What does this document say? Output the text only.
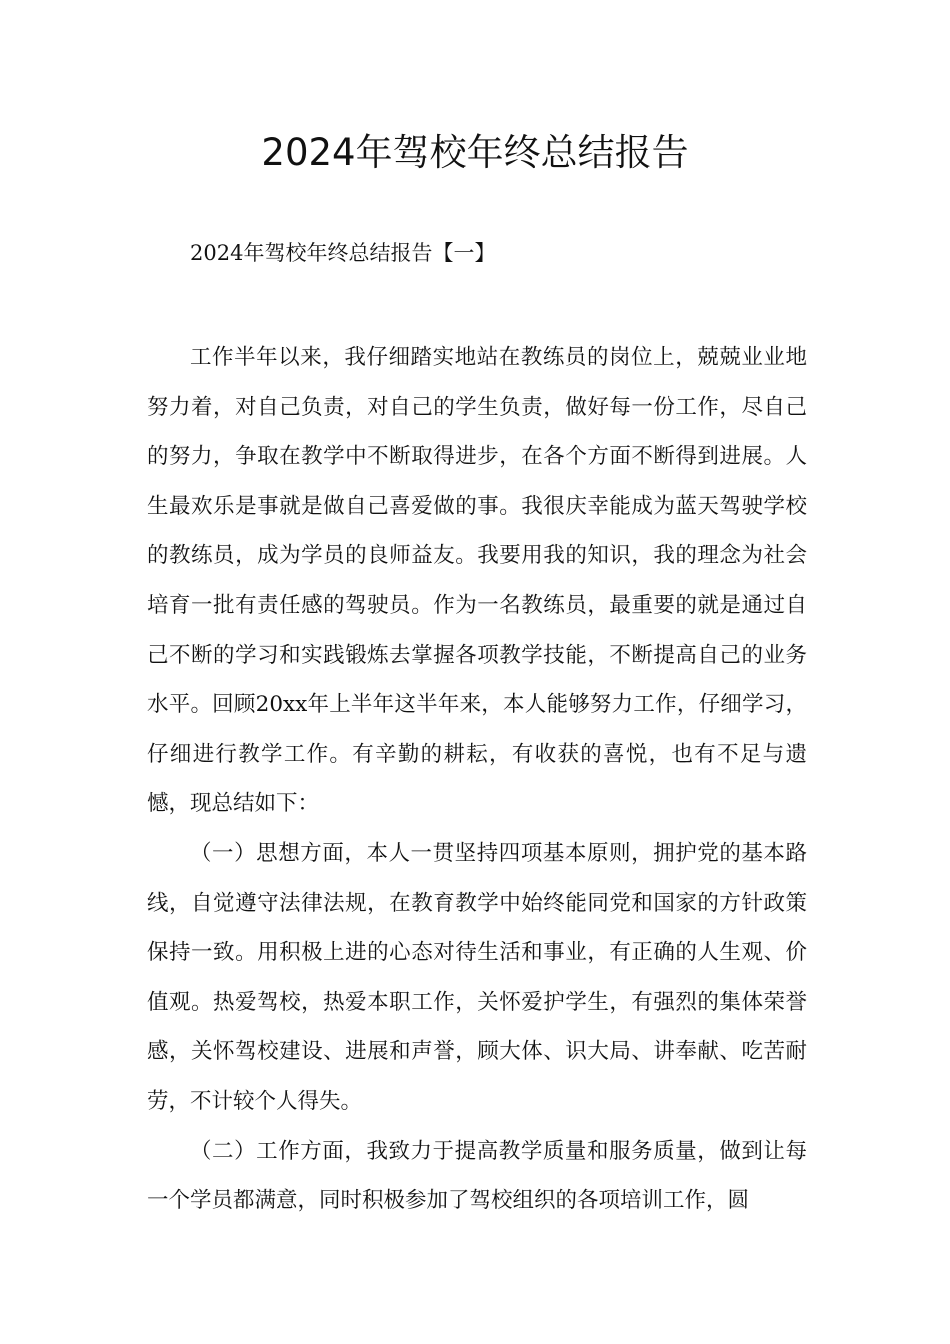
2024年驾校年终总结报告
2024年驾校年终总结报告【一】

工作半年以来，我仔细踏实地站在教练员的岗位上，兢兢业业地努力着，对自己负责，对自己的学生负责，做好每一份工作，尽自己的努力，争取在教学中不断取得进步，在各个方面不断得到进展。人生最欢乐是事就是做自己喜爱做的事。我很庆幸能成为蓝天驾驶学校的教练员，成为学员的良师益友。我要用我的知识，我的理念为社会培育一批有责任感的驾驶员。作为一名教练员，最重要的就是通过自己不断的学习和实践锻炼去掌握各项教学技能，不断提高自己的业务水平。回顾20xx年上半年这半年来，本人能够努力工作，仔细学习，仔细进行教学工作。有辛勤的耕耘，有收获的喜悦，也有不足与遗憾，现总结如下：

（一）思想方面，本人一贯坚持四项基本原则，拥护党的基本路线，自觉遵守法律法规，在教育教学中始终能同党和国家的方针政策保持一致。用积极上进的心态对待生活和事业，有正确的人生观、价值观。热爱驾校，热爱本职工作，关怀爱护学生，有强烈的集体荣誉感，关怀驾校建设、进展和声誉，顾大体、识大局、讲奉献、吃苦耐劳，不计较个人得失。

（二）工作方面，我致力于提高教学质量和服务质量，做到让每一个学员都满意，同时积极参加了驾校组织的各项培训工作，圆
